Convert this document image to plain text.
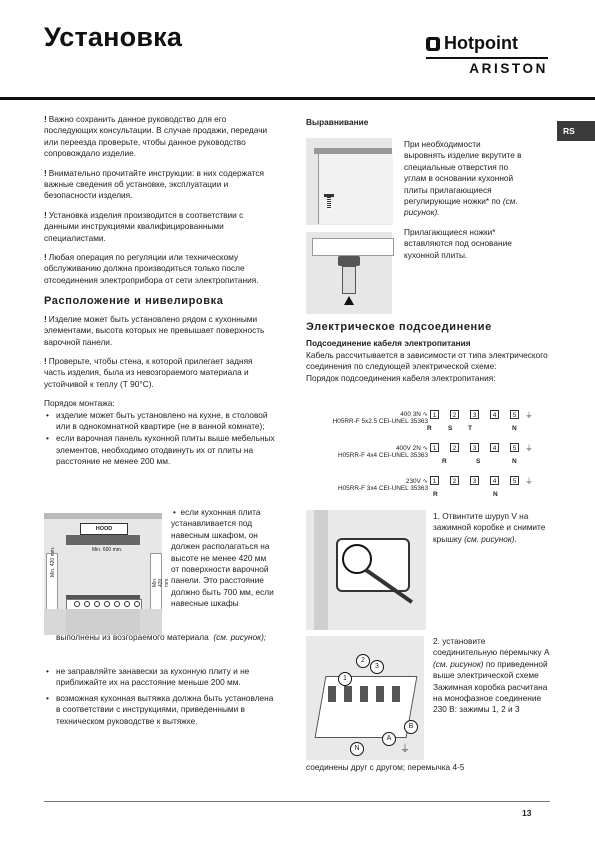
Установка	Hotpoint
ARISTON
RS

! Важно сохранить данное руководство для его последующих консультации. В случае продажи, передачи или переезда проверьте, чтобы данное руководство сопровождало изделие.

! Внимательно прочитайте инструкции: в них содержатся важные сведения об установке, эксплуатации и безопасности изделия.

! Установка изделия производится в соответствии с данными инструкциями квалифицированными специалистами.

! Любая операция по регуляции или техническому обслуживанию должна производиться только после отсоединения электроприбора от сети электропитания.

Расположение и нивелировка

! Изделие может быть установлено рядом с кухонными элементами, высота которых не превышает поверхность варочной панели.

! Проверьте, чтобы стена, к которой прилегает задняя часть изделия, была из невозгораемого материала и устойчивой к теплу (Т 90°С).

Порядок монтажа:
• изделие может быть установлено на кухне, в столовой или в однокомнатной квартире (не в ванной комнате);
• если варочная панель кухонной плиты выше мебельных элементов, необходимо отодвинуть их от плиты на расстояние не менее 200 мм.
HOOD
Min. 600 mm.
Min. 420 mm.
Min. 420 mm.
• если кухонная плита устанавливается под навесным шкафом, он должен располагаться на высоте не менее 420 мм от поверхности варочной панели. Это расстояние должно быть 700 мм, если навесные шкафы
выполнены из возгораемого материала (см. рисунок);
• не заправляйте занавески за кухонную плиту и не приближайте их на расстояние меньше 200 мм.
• возможная кухонная вытяжка должна быть установлена в соответствии с инструкциями, приведенными в техническом руководстве к вытяжке.
Выравнивание

При необходимости выровнять изделие вкрутите в специальные отверстия по углам в основании кухонной плиты прилагающиеся регулирующие ножки* по (см. рисунок).

Прилагающиеся ножки* вставляются под основание кухонной плиты.

Электрическое подсоединение
Подсоединение кабеля электропитания
Кабель рассчитывается в зависимости от типа электрического соединения по следующей электрической схеме:
Порядок подсоединения кабеля электропитания:
400 3N ∿
H05RR-F 5x2.5 CEI-UNEL 35363
400V 2N ∿
H05RR-F 4x4 CEI-UNEL 35363
230V ∿
H05RR-F 3x4 CEI-UNEL 35363
1	2	3	4	5	⏚
R	S T	N
1	2	3	4	5	⏚
R	S	N
1	2	3	4	5	⏚
R	N
1. Отвинтите шуруп V на зажимной коробке и снимите крышку (см. рисунок).
1
2
3
A
B
N	⏚
2. установите соединительную перемычку А (см. рисунок) по приведенной выше электрической схеме Зажимная коробка расчитана на монофазное соединение 230 В: зажимы 1, 2 и 3
соединены друг с другом; перемычка 4-5
13
